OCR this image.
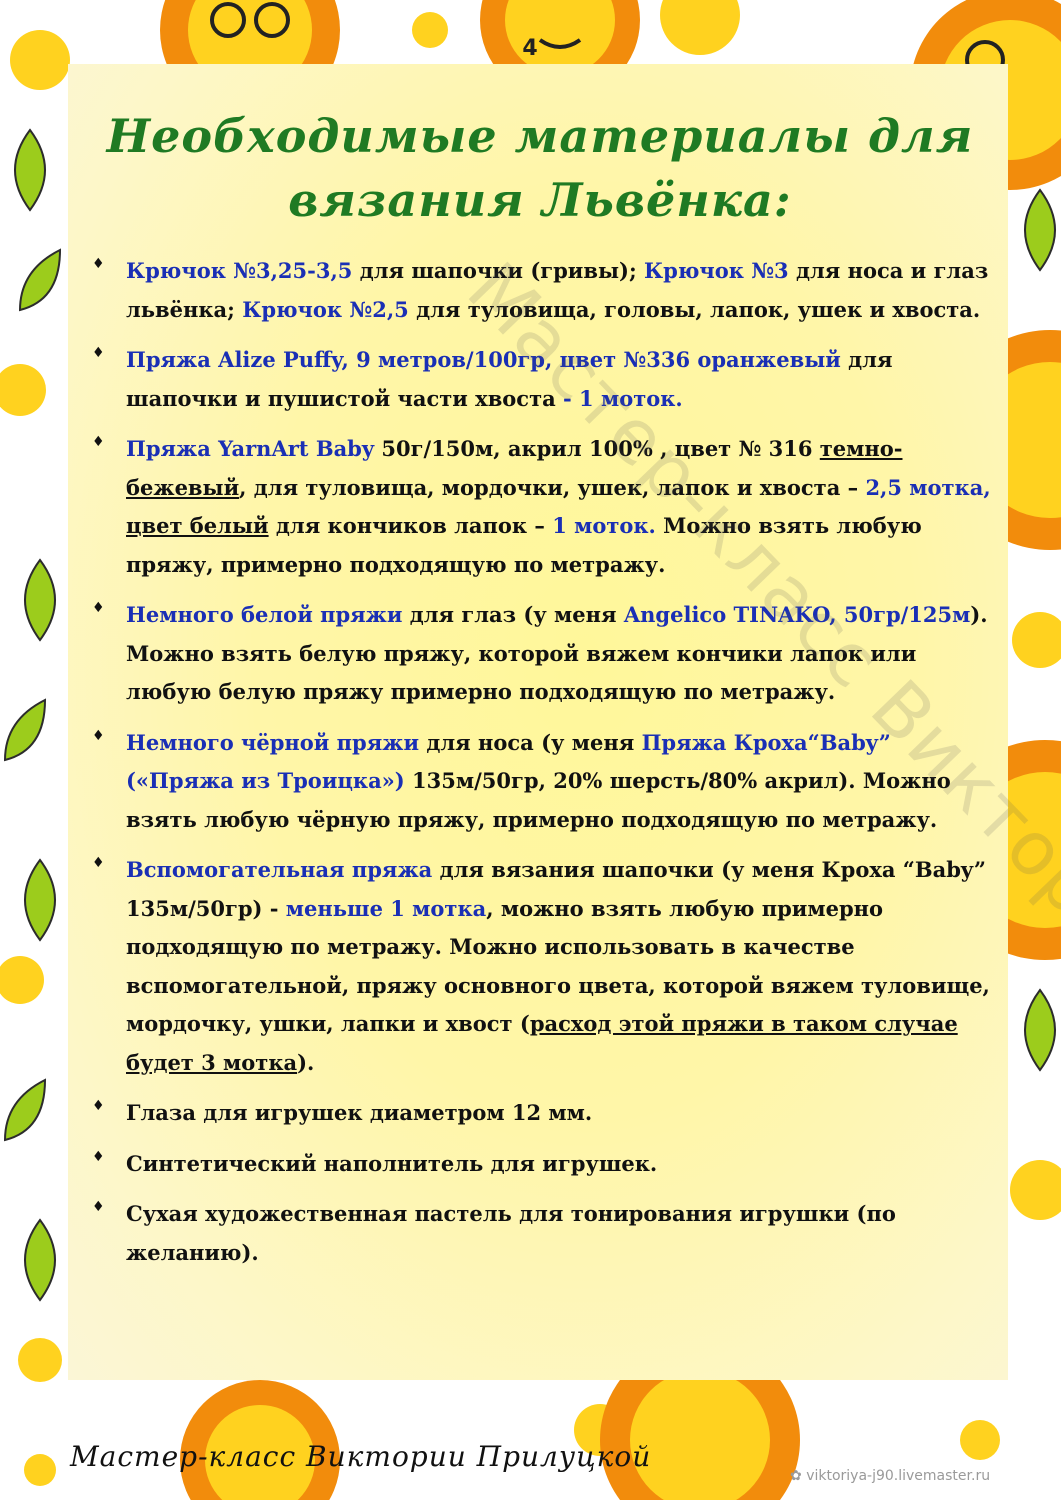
4
Необходимые материалы для
вязания Львёнка:
♦ Крючок №3,25-3,5 для шапочки (гривы); Крючок №3 для носа и глаз львёнка; Крючок №2,5 для туловища, головы, лапок, ушек и хвоста.
♦ Пряжа Alize Puffy, 9 метров/100гр, цвет №336 оранжевый для шапочки и пушистой части хвоста - 1 моток.
♦ Пряжа YarnArt Baby 50г/150м, акрил 100% , цвет № 316 темно-бежевый, для туловища, мордочки, ушек, лапок и хвоста – 2,5 мотка, цвет белый для кончиков лапок – 1 моток. Можно взять любую пряжу, примерно подходящую по метражу.
♦ Немного белой пряжи для глаз (у меня Angelico TINAKO, 50гр/125м). Можно взять белую пряжу, которой вяжем кончики лапок или любую белую пряжу примерно подходящую по метражу.
♦ Немного чёрной пряжи для носа (у меня Пряжа Кроха“Baby” («Пряжа из Троицка») 135м/50гр, 20% шерсть/80% акрил). Можно взять любую чёрную пряжу, примерно подходящую по метражу.
♦ Вспомогательная пряжа для вязания шапочки (у меня Кроха “Baby” 135м/50гр) - меньше 1 мотка, можно взять любую примерно подходящую по метражу. Можно использовать в качестве вспомогательной, пряжу основного цвета, которой вяжем туловище, мордочку, ушки, лапки и хвост (расход этой пряжи в таком случае будет 3 мотка).
♦ Глаза для игрушек диаметром 12 мм.
♦ Синтетический наполнитель для игрушек.
♦ Сухая художественная пастель для тонирования игрушки (по желанию).
Мастер-класс
Мастер-класс Виктории Прилуцкой
✿ viktoriya-j90.livemaster.ru
